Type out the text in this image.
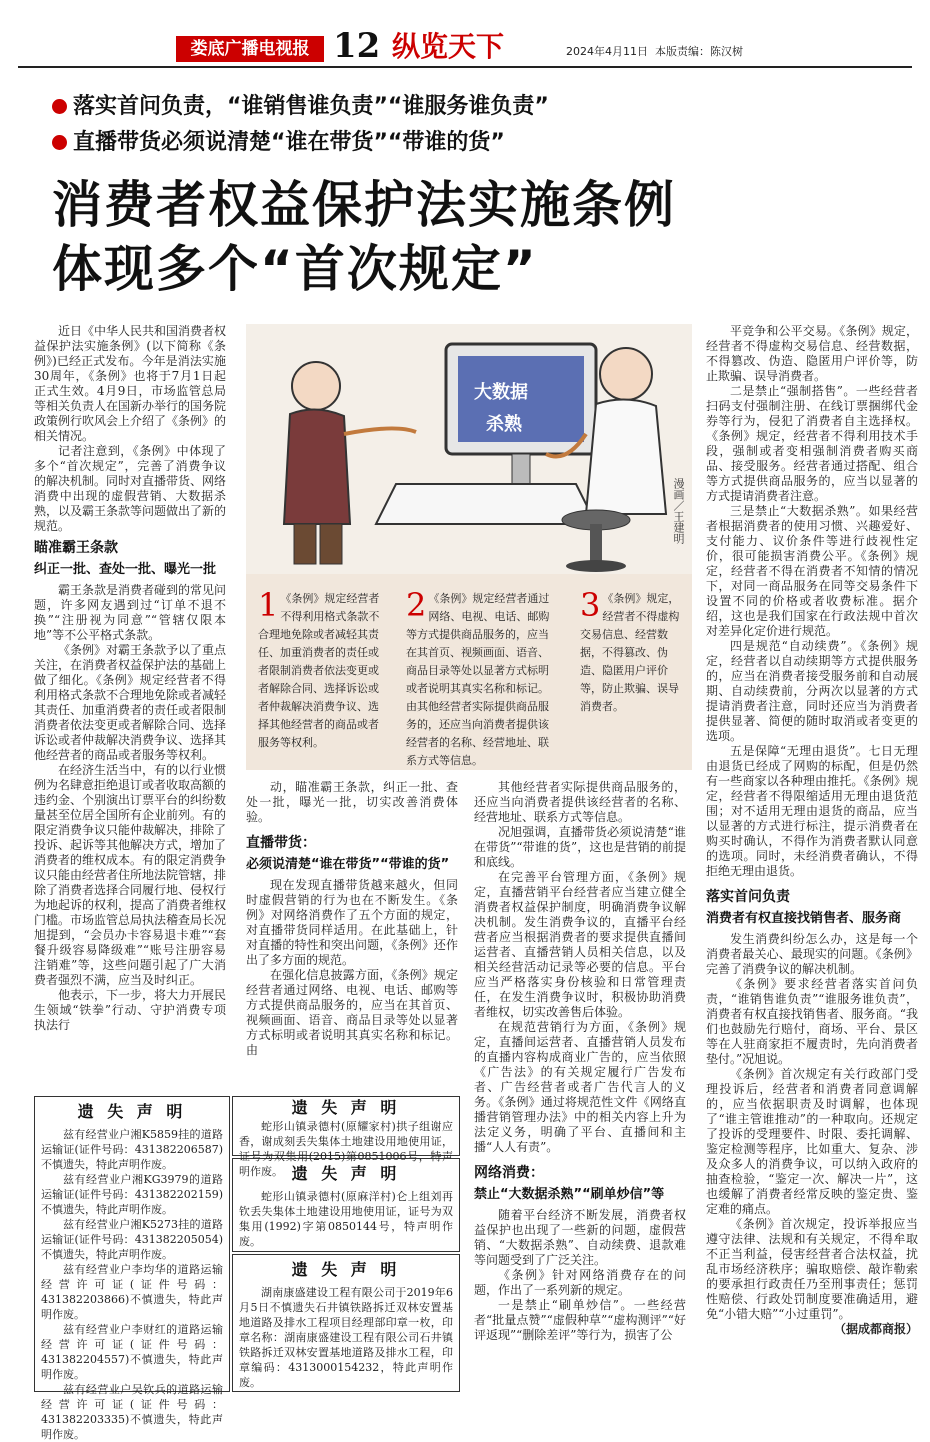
娄底广播电视报 12 纵览天下	2024年4月11日 本版责编：陈汉树
落实首问负责，“谁销售谁负责”“谁服务谁负责”
直播带货必须说清楚“谁在带货”“带谁的货”
消费者权益保护法实施条例
体现多个“首次规定”

近日《中华人民共和国消费者权益保护法实施条例》(以下简称《条例》)已经正式发布。今年是消法实施30周年，《条例》也将于7月1日起正式生效。4月9日，市场监管总局等相关负责人在国新办举行的国务院政策例行吹风会上介绍了《条例》的相关情况。

记者注意到，《条例》中体现了多个“首次规定”，完善了消费争议的解决机制。同时对直播带货、网络消费中出现的虚假营销、大数据杀熟，以及霸王条款等问题做出了新的规范。

瞄准霸王条款
纠正一批、查处一批、曝光一批

霸王条款是消费者碰到的常见问题，许多网友遇到过“订单不退不换”“注册视为同意”“管辖仅限本地”等不公平格式条款。

《条例》对霸王条款予以了重点关注，在消费者权益保护法的基础上做了细化。《条例》规定经营者不得利用格式条款不合理地免除或者减轻其责任、加重消费者的责任或者限制消费者依法变更或者解除合同、选择诉讼或者仲裁解决消费争议、选择其他经营者的商品或者服务等权利。

在经济生活当中，有的以行业惯例为名肆意拒绝退订或者收取高额的违约金、个别演出订票平台的纠纷数量甚至位居全国所有企业前列。有的限定消费争议只能仲裁解决，排除了投诉、起诉等其他解决方式，增加了消费者的维权成本。有的限定消费争议只能由经营者住所地法院管辖，排除了消费者选择合同履行地、侵权行为地起诉的权利，提高了消费者维权门槛。市场监管总局执法稽查局长况旭提到，“会员办卡容易退卡难”“套餐升级容易降级难”“账号注册容易注销难”等，这些问题引起了广大消费者强烈不满，应当及时纠正。

他表示，下一步，将大力开展民生领域“铁拳”行动、守护消费专项执法行

大数据
杀熟
漫画／王建明
1 《条例》规定经营者不得利用格式条款不合理地免除或者减轻其责任、加重消费者的责任或者限制消费者依法变更或者解除合同、选择诉讼或者仲裁解决消费争议、选择其他经营者的商品或者服务等权利。
2 《条例》规定经营者通过网络、电视、电话、邮购等方式提供商品服务的，应当在其首页、视频画面、语音、商品目录等处以显著方式标明或者说明其真实名称和标记。由其他经营者实际提供商品服务的，还应当向消费者提供该经营者的名称、经营地址、联系方式等信息。
3 《条例》规定，经营者不得虚构交易信息、经营数据，不得篡改、伪造、隐匿用户评价等，防止欺骗、误导消费者。

动，瞄准霸王条款，纠正一批、查处一批，曝光一批，切实改善消费体验。

直播带货：
必须说清楚“谁在带货”“带谁的货”

现在发现直播带货越来越火，但同时虚假营销的行为也在不断发生。《条例》对网络消费作了五个方面的规定，对直播带货同样适用。在此基础上，针对直播的特性和突出问题，《条例》还作出了多方面的规范。

在强化信息披露方面，《条例》规定经营者通过网络、电视、电话、邮购等方式提供商品服务的，应当在其首页、视频画面、语音、商品目录等处以显著方式标明或者说明其真实名称和标记。由

其他经营者实际提供商品服务的，还应当向消费者提供该经营者的名称、经营地址、联系方式等信息。

况旭强调，直播带货必须说清楚“谁在带货”“带谁的货”，这也是营销的前提和底线。

在完善平台管理方面，《条例》规定，直播营销平台经营者应当建立健全消费者权益保护制度，明确消费争议解决机制。发生消费争议的，直播平台经营者应当根据消费者的要求提供直播间运营者、直播营销人员相关信息，以及相关经营活动记录等必要的信息。平台应当严格落实身份核验和日常管理责任，在发生消费争议时，积极协助消费者维权，切实改善售后体验。

在规范营销行为方面，《条例》规定，直播间运营者、直播营销人员发布的直播内容构成商业广告的，应当依照《广告法》的有关规定履行广告发布者、广告经营者或者广告代言人的义务。《条例》通过将规范性文件《网络直播营销管理办法》中的相关内容上升为法定义务，明确了平台、直播间和主播“人人有责”。

网络消费：
禁止“大数据杀熟”“刷单炒信”等

随着平台经济不断发展，消费者权益保护也出现了一些新的问题，虚假营销、“大数据杀熟”、自动续费、退款难等问题受到了广泛关注。

《条例》针对网络消费存在的问题，作出了一系列新的规定。

一是禁止“刷单炒信”。一些经营者“批量点赞”“虚假种草”“虚构测评”“好评返现”“删除差评”等行为，损害了公

平竞争和公平交易。《条例》规定，经营者不得虚构交易信息、经营数据，不得篡改、伪造、隐匿用户评价等，防止欺骗、误导消费者。

二是禁止“强制搭售”。一些经营者扫码支付强制注册、在线订票捆绑代金券等行为，侵犯了消费者自主选择权。《条例》规定，经营者不得利用技术手段，强制或者变相强制消费者购买商品、接受服务。经营者通过搭配、组合等方式提供商品服务的，应当以显著的方式提请消费者注意。

三是禁止“大数据杀熟”。如果经营者根据消费者的使用习惯、兴趣爱好、支付能力、议价条件等进行歧视性定价，很可能损害消费公平。《条例》规定，经营者不得在消费者不知情的情况下，对同一商品服务在同等交易条件下设置不同的价格或者收费标准。据介绍，这也是我们国家在行政法规中首次对差异化定价进行规范。

四是规范“自动续费”。《条例》规定，经营者以自动续期等方式提供服务的，应当在消费者接受服务前和自动展期、自动续费前，分两次以显著的方式提请消费者注意，同时还应当为消费者提供显著、简便的随时取消或者变更的选项。

五是保障“无理由退货”。七日无理由退货已经成了网购的标配，但是仍然有一些商家以各种理由推托。《条例》规定，经营者不得限缩适用无理由退货范围；对不适用无理由退货的商品，应当以显著的方式进行标注，提示消费者在购买时确认，不得作为消费者默认同意的选项。同时，未经消费者确认，不得拒绝无理由退货。

落实首问负责
消费者有权直接找销售者、服务商

发生消费纠纷怎么办，这是每一个消费者最关心、最现实的问题。《条例》完善了消费争议的解决机制。

《条例》要求经营者落实首问负责，“谁销售谁负责”“谁服务谁负责”，消费者有权直接找销售者、服务商。“我们也鼓励先行赔付，商场、平台、景区等在人驻商家拒不履责时，先向消费者垫付。”况旭说。

《条例》首次规定有关行政部门受理投诉后，经营者和消费者同意调解的，应当依据职责及时调解，也体现了“谁主管谁推动”的一种取向。还规定了投诉的受理要件、时限、委托调解、鉴定检测等程序，比如重大、复杂、涉及众多人的消费争议，可以纳入政府的抽查检验，“鉴定一次、解决一片”，这也缓解了消费者经常反映的鉴定贵、鉴定难的痛点。

《条例》首次规定，投诉举报应当遵守法律、法规和有关规定，不得牟取不正当利益，侵害经营者合法权益，扰乱市场经济秩序；骗取赔偿、敲诈勒索的要承担行政责任乃至刑事责任；惩罚性赔偿、行政处罚制度要准确适用，避免“小错大赔”“小过重罚”。

（据成都商报）
遗 失 声 明

兹有经营业户湘K5859挂的道路运输证(证件号码：431382206587)不慎遗失，特此声明作废。

兹有经营业户湘KG3979的道路运输证(证件号码：431382202159)不慎遗失，特此声明作废。

兹有经营业户湘K5273挂的道路运输证(证件号码：431382205054)不慎遗失，特此声明作废。

兹有经营业户李均华的道路运输经营许可证(证件号码：431382203866)不慎遗失，特此声明作废。

兹有经营业户李财红的道路运输经营许可证(证件号码：431382204557)不慎遗失，特此声明作废。

兹有经营业户吴钦兵的道路运输经营许可证(证件号码：431382203335)不慎遗失，特此声明作废。

遗 失 声 明

蛇形山镇录德村(原耀家村)拱子组谢应香，谢成刻丢失集体土地建设用地使用证，证号为双集用(2015)第0851006号，特声明作废。 遗 失 声 明

蛇形山镇录德村(原麻洋村)仑上组刘再钦丢失集体土地建设用地使用证，证号为双集用(1992)字第0850144号，特声明作废。

遗 失 声 明

湖南康盛建设工程有限公司于2019年6月5日不慎遗失石井镇铁路拆迁双林安置基地道路及排水工程项目经理部印章一枚，印章名称：湖南康盛建设工程有限公司石井镇铁路拆迁双林安置基地道路及排水工程，印章编码：4313000154232，特此声明作废。
